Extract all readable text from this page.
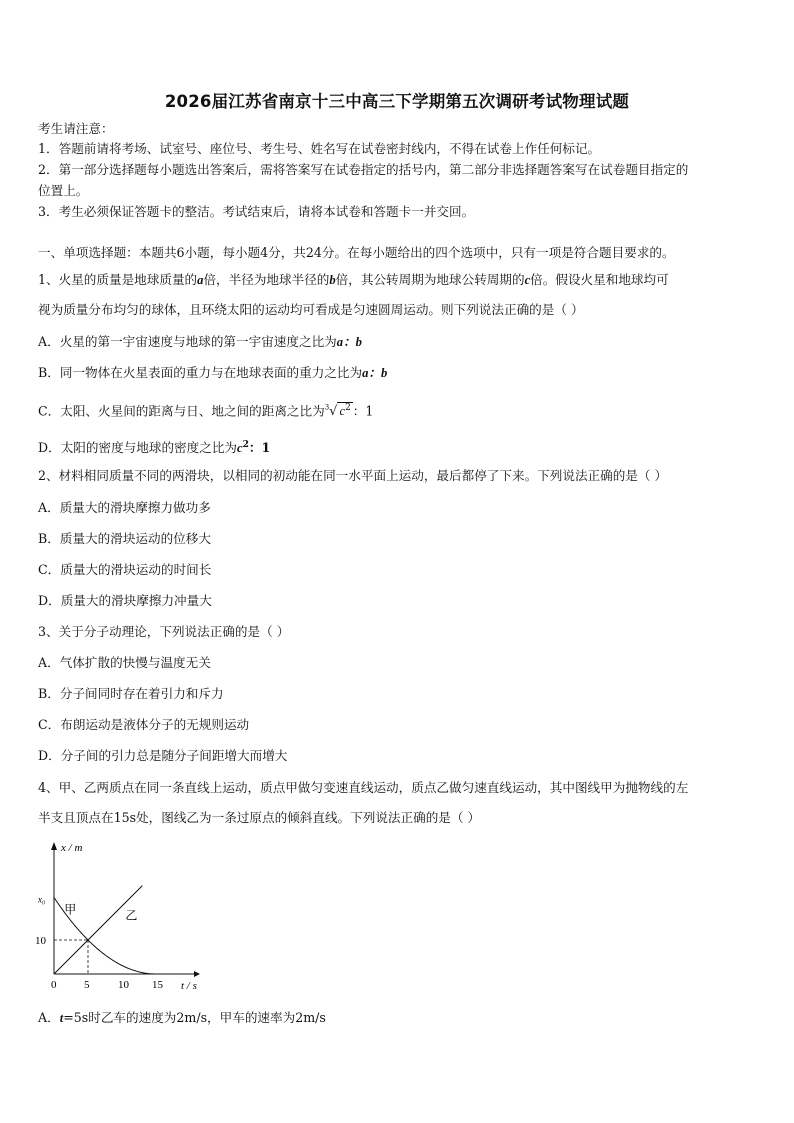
2026届江苏省南京十三中高三下学期第五次调研考试物理试题
考生请注意：
1．答题前请将考场、试室号、座位号、考生号、姓名写在试卷密封线内，不得在试卷上作任何标记。
2．第一部分选择题每小题选出答案后，需将答案写在试卷指定的括号内，第二部分非选择题答案写在试卷题目指定的
位置上。
3．考生必须保证答题卡的整洁。考试结束后，请将本试卷和答题卡一并交回。
一、单项选择题：本题共6小题，每小题4分，共24分。在每小题给出的四个选项中，只有一项是符合题目要求的。
1、火星的质量是地球质量的a倍，半径为地球半径的b倍，其公转周期为地球公转周期的c倍。假设火星和地球均可
视为质量分布均匀的球体，且环绕太阳的运动均可看成是匀速圆周运动。则下列说法正确的是（ ）
A．火星的第一宇宙速度与地球的第一宇宙速度之比为a：b
B．同一物体在火星表面的重力与在地球表面的重力之比为a：b
C．太阳、火星间的距离与日、地之间的距离之比为$^3$√ $c^2$ ：1
D．太阳的密度与地球的密度之比为$c^2$：1
2、材料相同质量不同的两滑块，以相同的初动能在同一水平面上运动，最后都停了下来。下列说法正确的是（ ）
A．质量大的滑块摩擦力做功多
B．质量大的滑块运动的位移大
C．质量大的滑块运动的时间长
D．质量大的滑块摩擦力冲量大
3、关于分子动理论，下列说法正确的是（ ）
A．气体扩散的快慢与温度无关
B．分子间同时存在着引力和斥力
C．布朗运动是液体分子的无规则运动
D．分子间的引力总是随分子间距增大而增大
4、甲、乙两质点在同一条直线上运动，质点甲做匀变速直线运动，质点乙做匀速直线运动，其中图线甲为抛物线的左
半支且顶点在15s处，图线乙为一条过原点的倾斜直线。下列说法正确的是（ ）
x / m
t / s
0	5	10 15
10
x₀
甲	乙
A．t=5s时乙车的速度为2m/s，甲车的速率为2m/s
